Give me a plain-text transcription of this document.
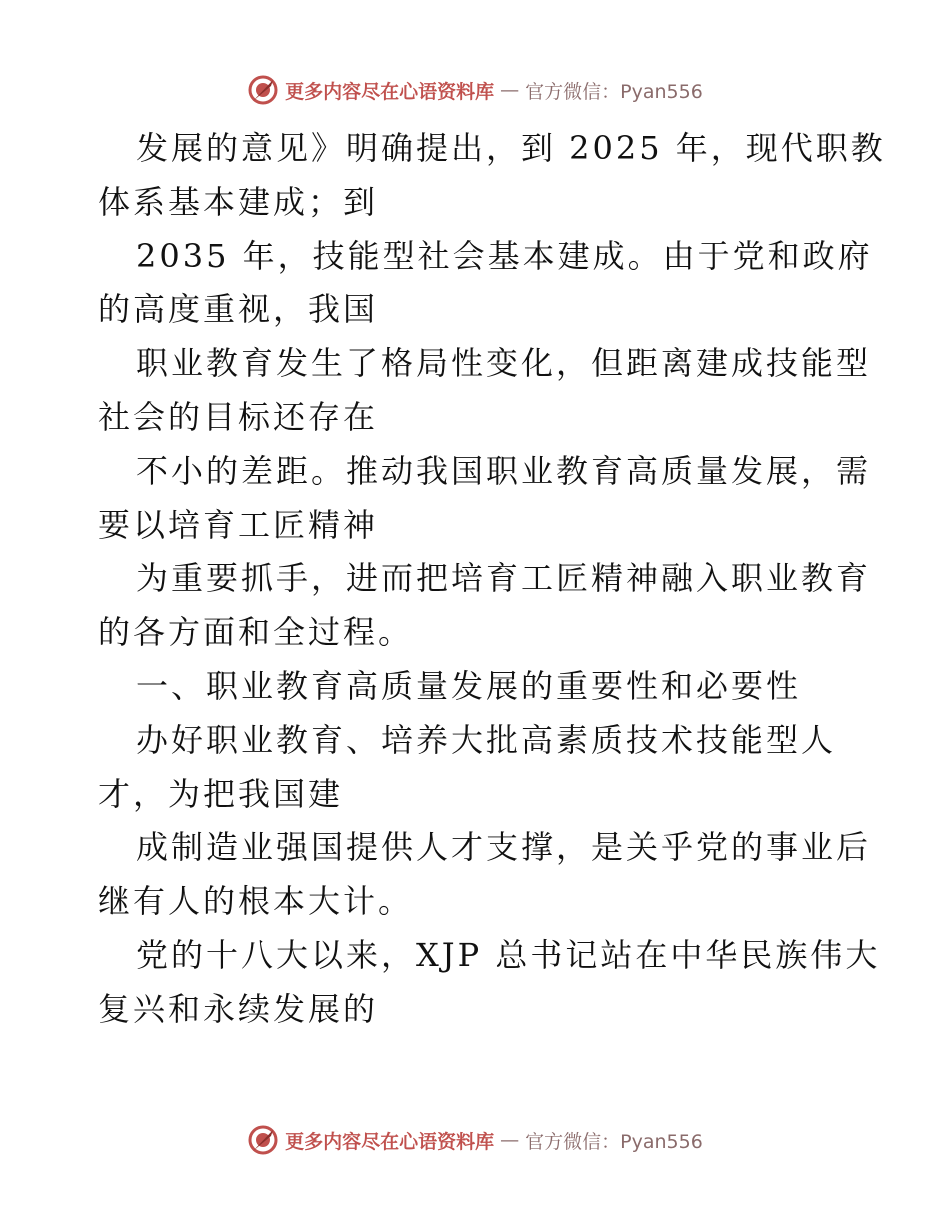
更多内容尽在心语资料库 — 官方微信：Pyan556
发展的意见》明确提出，到 2025 年，现代职教
体系基本建成；到
2035 年，技能型社会基本建成。由于党和政府
的高度重视，我国
职业教育发生了格局性变化，但距离建成技能型
社会的目标还存在
不小的差距。推动我国职业教育高质量发展，需
要以培育工匠精神
为重要抓手，进而把培育工匠精神融入职业教育
的各方面和全过程。
一、职业教育高质量发展的重要性和必要性
办好职业教育、培养大批高素质技术技能型人
才，为把我国建
成制造业强国提供人才支撑，是关乎党的事业后
继有人的根本大计。
党的十八大以来，XJP 总书记站在中华民族伟大
复兴和永续发展的
更多内容尽在心语资料库 — 官方微信：Pyan556
